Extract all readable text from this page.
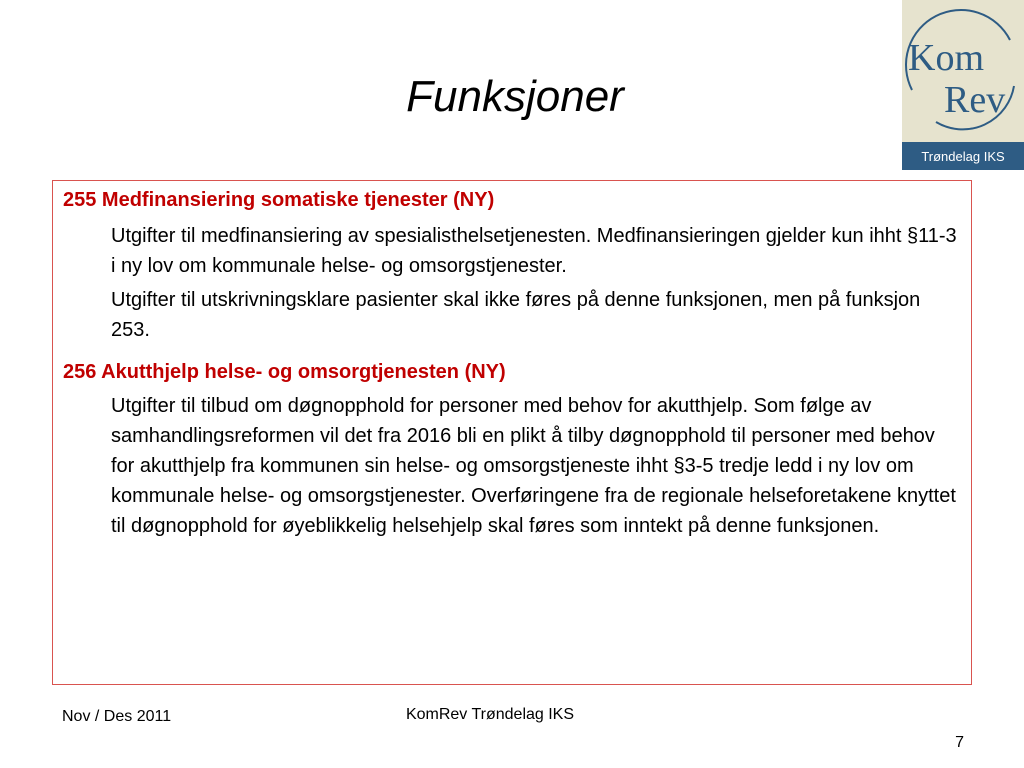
Funksjoner
Kom
Rev
Trøndelag IKS

255 Medfinansiering somatiske tjenester (NY)

Utgifter til medfinansiering av spesialisthelsetjenesten. Medfinansieringen gjelder kun ihht §11-3 i ny lov om kommunale helse- og omsorgstjenester.

Utgifter til utskrivningsklare pasienter skal ikke føres på denne funksjonen, men på funksjon 253.

256 Akutthjelp helse- og omsorgtjenesten (NY)

Utgifter til tilbud om døgnopphold for personer med behov for akutthjelp. Som følge av samhandlingsreformen vil det fra 2016 bli en plikt å tilby døgnopphold til personer med behov for akutthjelp fra kommunen sin helse- og omsorgstjeneste ihht §3-5 tredje ledd i ny lov om kommunale helse- og omsorgstjenester. Overføringene fra de regionale helseforetakene knyttet til døgnopphold for øyeblikkelig helsehjelp skal føres som inntekt på denne funksjonen.

Nov / Des 2011	KomRev Trøndelag IKS
7
